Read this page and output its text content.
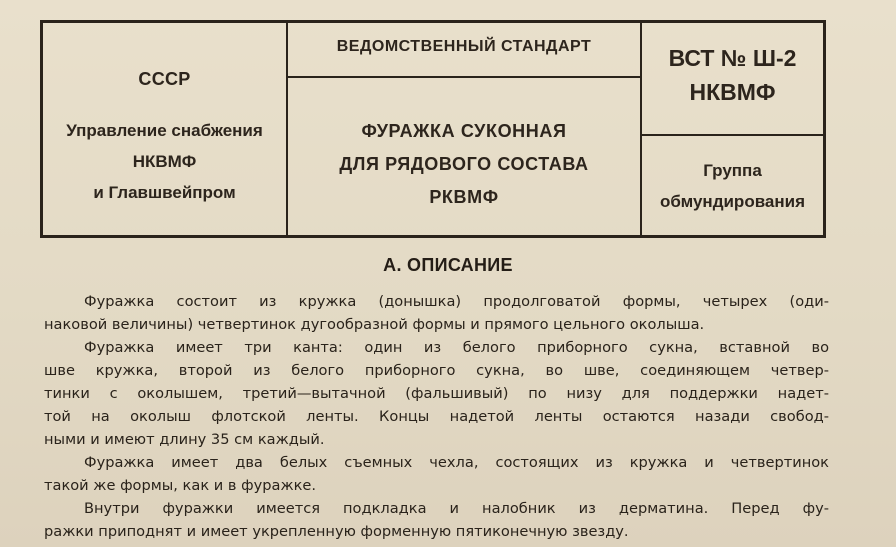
СССР
Управление снабжения
НКВМФ
и Главшвейпром
ВЕДОМСТВЕННЫЙ СТАНДАРТ
ФУРАЖКА СУКОННАЯ
ДЛЯ РЯДОВОГО СОСТАВА
РКВМФ
ВСТ № Ш-2
НКВМФ
Группа
обмундирования
А. ОПИСАНИЕ
Фуражка состоит из кружка (донышка) продолговатой формы, четырех (оди-
наковой величины) четвертинок дугообразной формы и прямого цельного околыша.
Фуражка имеет три канта: один из белого приборного сукна, вставной во
шве кружка, второй из белого приборного сукна, во шве, соединяющем четвер-
тинки с околышем, третий—вытачной (фальшивый) по низу для поддержки надет-
той на околыш флотской ленты. Концы надетой ленты остаются назади свобод-
ными и имеют длину 35 см каждый.
Фуражка имеет два белых съемных чехла, состоящих из кружка и четвертинок
такой же формы, как и в фуражке.
Внутри фуражки имеется подкладка и налобник из дерматина. Перед фу-
ражки приподнят и имеет укрепленную форменную пятиконечную звезду.
